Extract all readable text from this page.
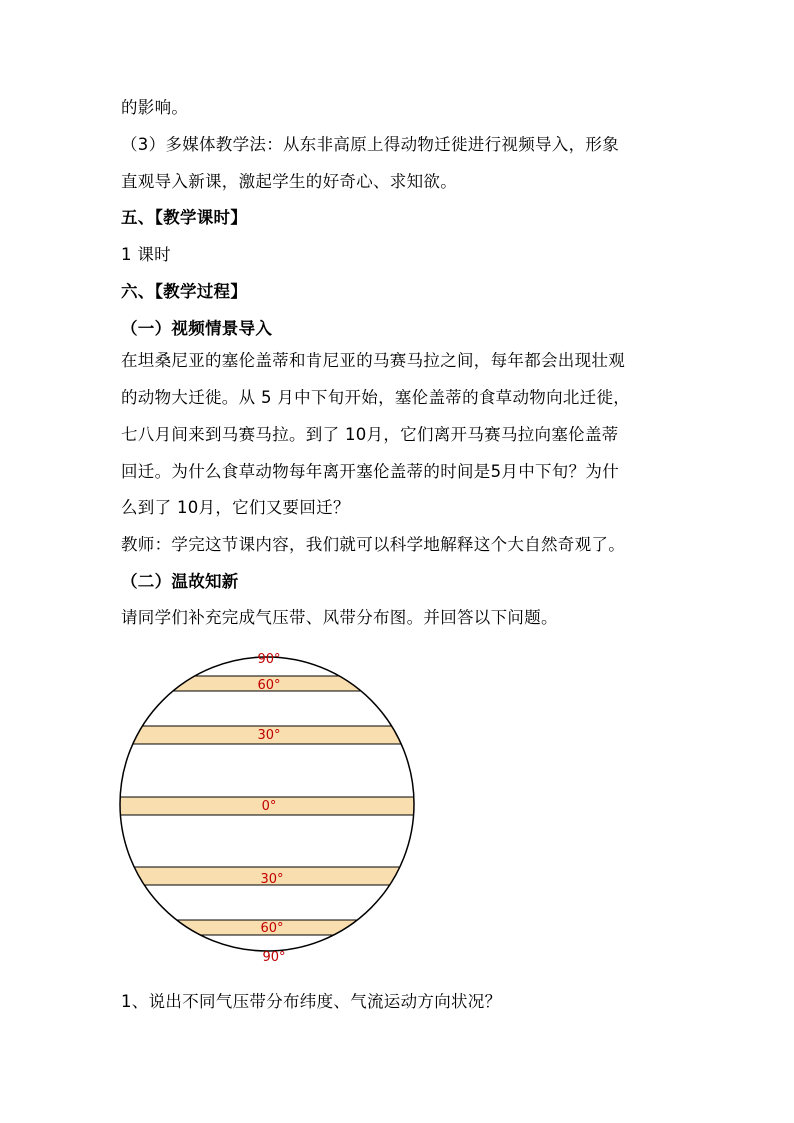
的影响。
（3）多媒体教学法：从东非高原上得动物迁徙进行视频导入，形象
直观导入新课，激起学生的好奇心、求知欲。
五、【教学课时】
1 课时
六、【教学过程】
（一）视频情景导入
在坦桑尼亚的塞伦盖蒂和肯尼亚的马赛马拉之间，每年都会出现壮观
的动物大迁徙。从 5 月中下旬开始，塞伦盖蒂的食草动物向北迁徙，
七八月间来到马赛马拉。到了 10月，它们离开马赛马拉向塞伦盖蒂
回迁。为什么食草动物每年离开塞伦盖蒂的时间是5月中下旬？为什
么到了 10月，它们又要回迁？
教师：学完这节课内容，我们就可以科学地解释这个大自然奇观了。
（二）温故知新
请同学们补充完成气压带、风带分布图。并回答以下问题。
90°
60°
30°
0°
30°
60°
90°
1、说出不同气压带分布纬度、气流运动方向状况？
